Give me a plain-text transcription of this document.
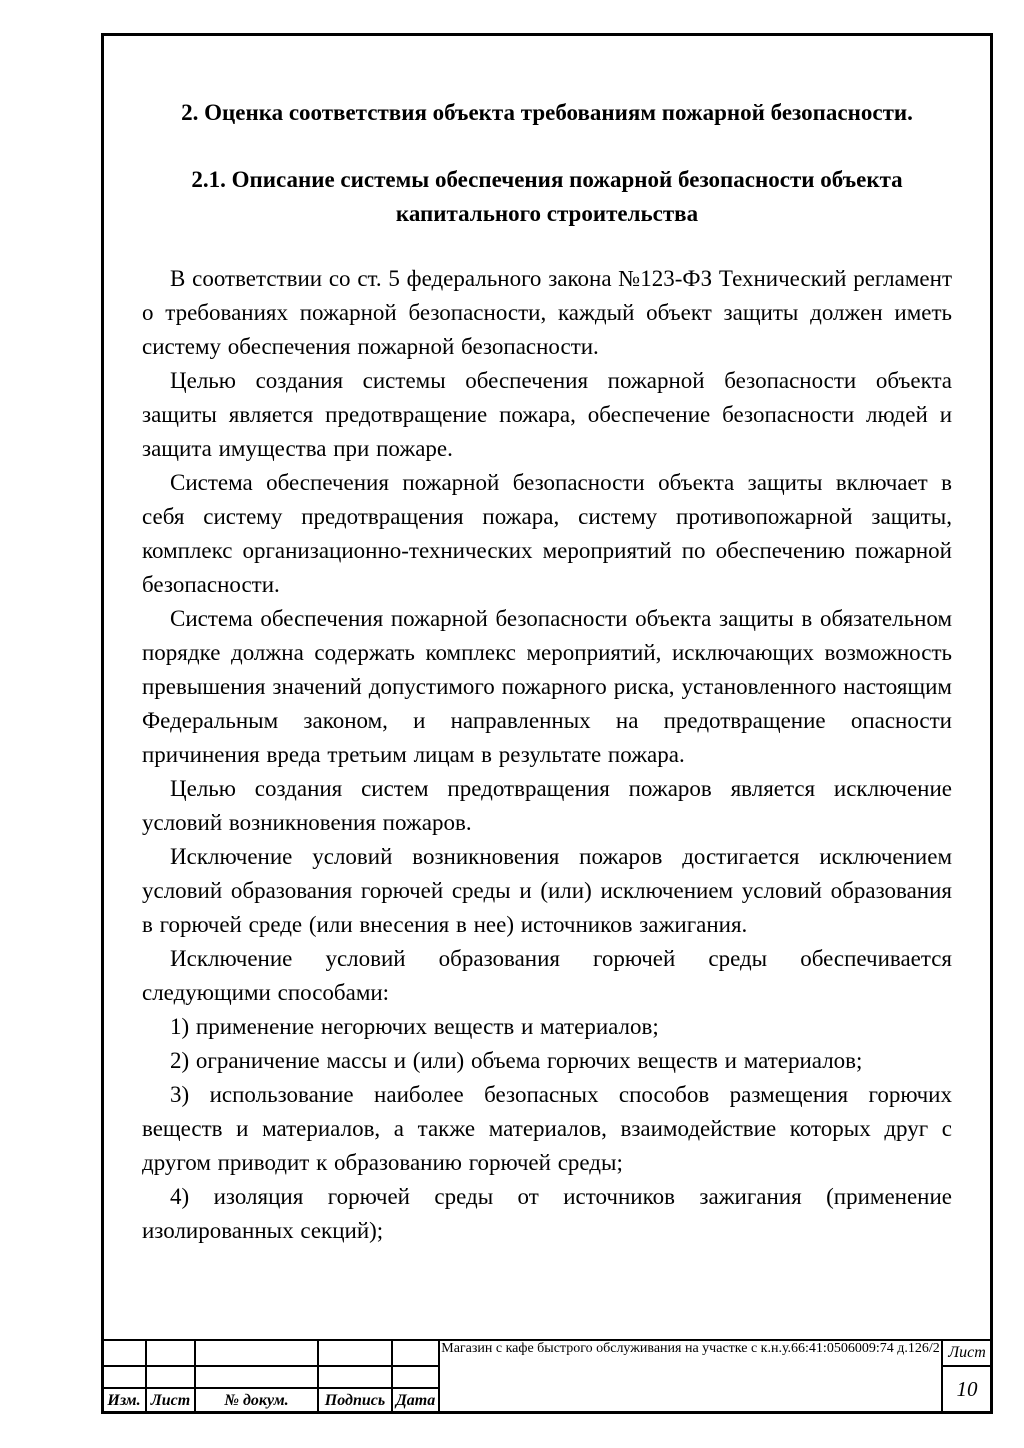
2. Оценка соответствия объекта требованиям пожарной безопасности.
2.1. Описание системы обеспечения пожарной безопасности объекта капитального строительства

В соответствии со ст. 5 федерального закона №123-ФЗ Технический регламент о требованиях пожарной безопасности, каждый объект защиты должен иметь систему обеспечения пожарной безопасности.

Целью создания системы обеспечения пожарной безопасности объекта защиты является предотвращение пожара, обеспечение безопасности людей и защита имущества при пожаре.

Система обеспечения пожарной безопасности объекта защиты включает в себя систему предотвращения пожара, систему противопожарной защиты, комплекс организационно-технических мероприятий по обеспечению пожарной безопасности.

Система обеспечения пожарной безопасности объекта защиты в обязательном порядке должна содержать комплекс мероприятий, исключающих возможность превышения значений допустимого пожарного риска, установленного настоящим Федеральным законом, и направленных на предотвращение опасности причинения вреда третьим лицам в результате пожара.

Целью создания систем предотвращения пожаров является исключение условий возникновения пожаров.

Исключение условий возникновения пожаров достигается исключением условий образования горючей среды и (или) исключением условий образования в горючей среде (или внесения в нее) источников зажигания.

Исключение условий образования горючей среды обеспечивается следующими способами:

1) применение негорючих веществ и материалов;

2) ограничение массы и (или) объема горючих веществ и материалов;

3) использование наиболее безопасных способов размещения горючих веществ и материалов, а также материалов, взаимодействие которых друг с другом приводит к образованию горючей среды;

4) изоляция горючей среды от источников зажигания (применение изолированных секций);

					Магазин с кафе быстрого обслуживания на участке с к.н.у.66:41:0506009:74 д.126/2	Лист
						10
Изм.	Лист	№ докум.	Подпись	Дата		
